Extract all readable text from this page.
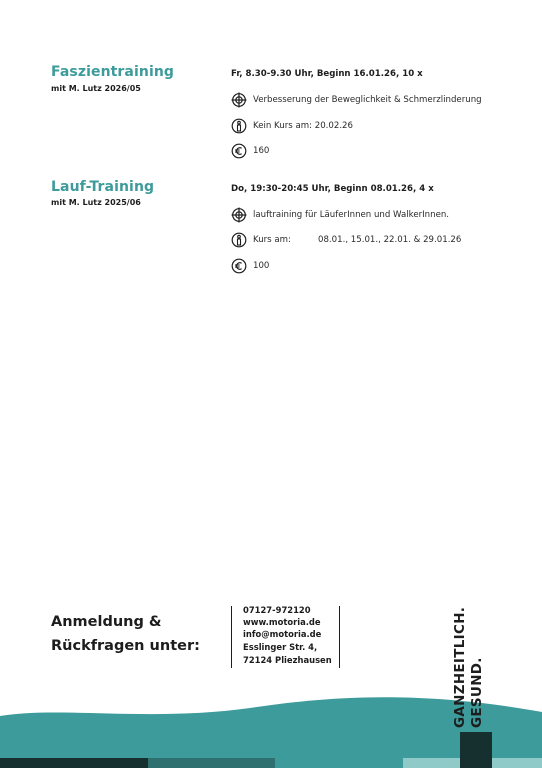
Faszientraining
mit M. Lutz 2026/05
Fr, 8.30-9.30 Uhr, Beginn 16.01.26, 10 x
Verbesserung der Beweglichkeit & Schmerzlinderung
Kein Kurs am: 20.02.26
160
Lauf-Training
mit M. Lutz 2025/06
Do, 19:30-20:45 Uhr, Beginn 08.01.26, 4 x
lauftraining für LäuferInnen und WalkerInnen.
Kurs am:	08.01., 15.01., 22.01. & 29.01.26
100
Anmeldung &
Rückfragen unter:
07127-972120
www.motoria.de
info@motoria.de
Esslinger Str. 4,
72124 Pliezhausen	GANZHEITLICH. GESUND.
